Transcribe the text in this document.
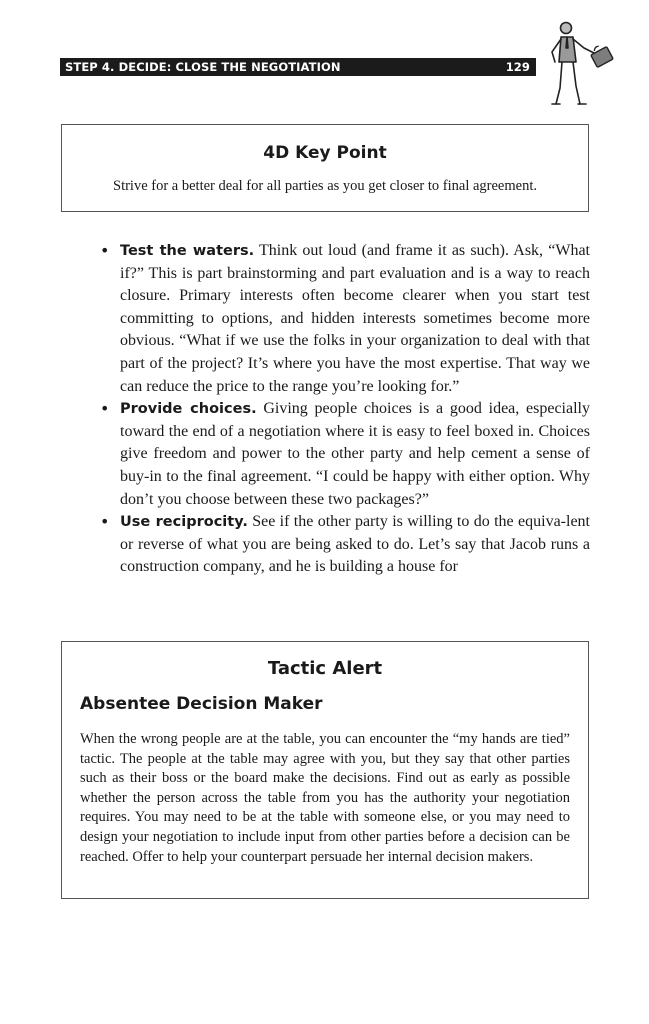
STEP 4. DECIDE: CLOSE THE NEGOTIATION	129
4D Key Point
Strive for a better deal for all parties as you get closer to final agreement.

• Test the waters. Think out loud (and frame it as such). Ask, “What if?” This is part brainstorming and part evaluation and is a way to reach closure. Primary interests often become clearer when you start test committing to options, and hidden interests sometimes become more obvious. “What if we use the folks in your organization to deal with that part of the project? It’s where you have the most expertise. That way we can reduce the price to the range you’re looking for.”

• Provide choices. Giving people choices is a good idea, especially toward the end of a negotiation where it is easy to feel boxed in. Choices give freedom and power to the other party and help cement a sense of buy-in to the final agreement. “I could be happy with either option. Why don’t you choose between these two packages?”

• Use reciprocity. See if the other party is willing to do the equiva-lent or reverse of what you are being asked to do. Let’s say that Jacob runs a construction company, and he is building a house for

Tactic Alert
Absentee Decision Maker

When the wrong people are at the table, you can encounter the “my hands are tied” tactic. The people at the table may agree with you, but they say that other parties such as their boss or the board make the decisions. Find out as early as possible whether the person across the table from you has the authority your negotiation requires. You may need to be at the table with someone else, or you may need to design your negotiation to include input from other parties before a decision can be reached. Offer to help your counterpart persuade her internal decision makers.
